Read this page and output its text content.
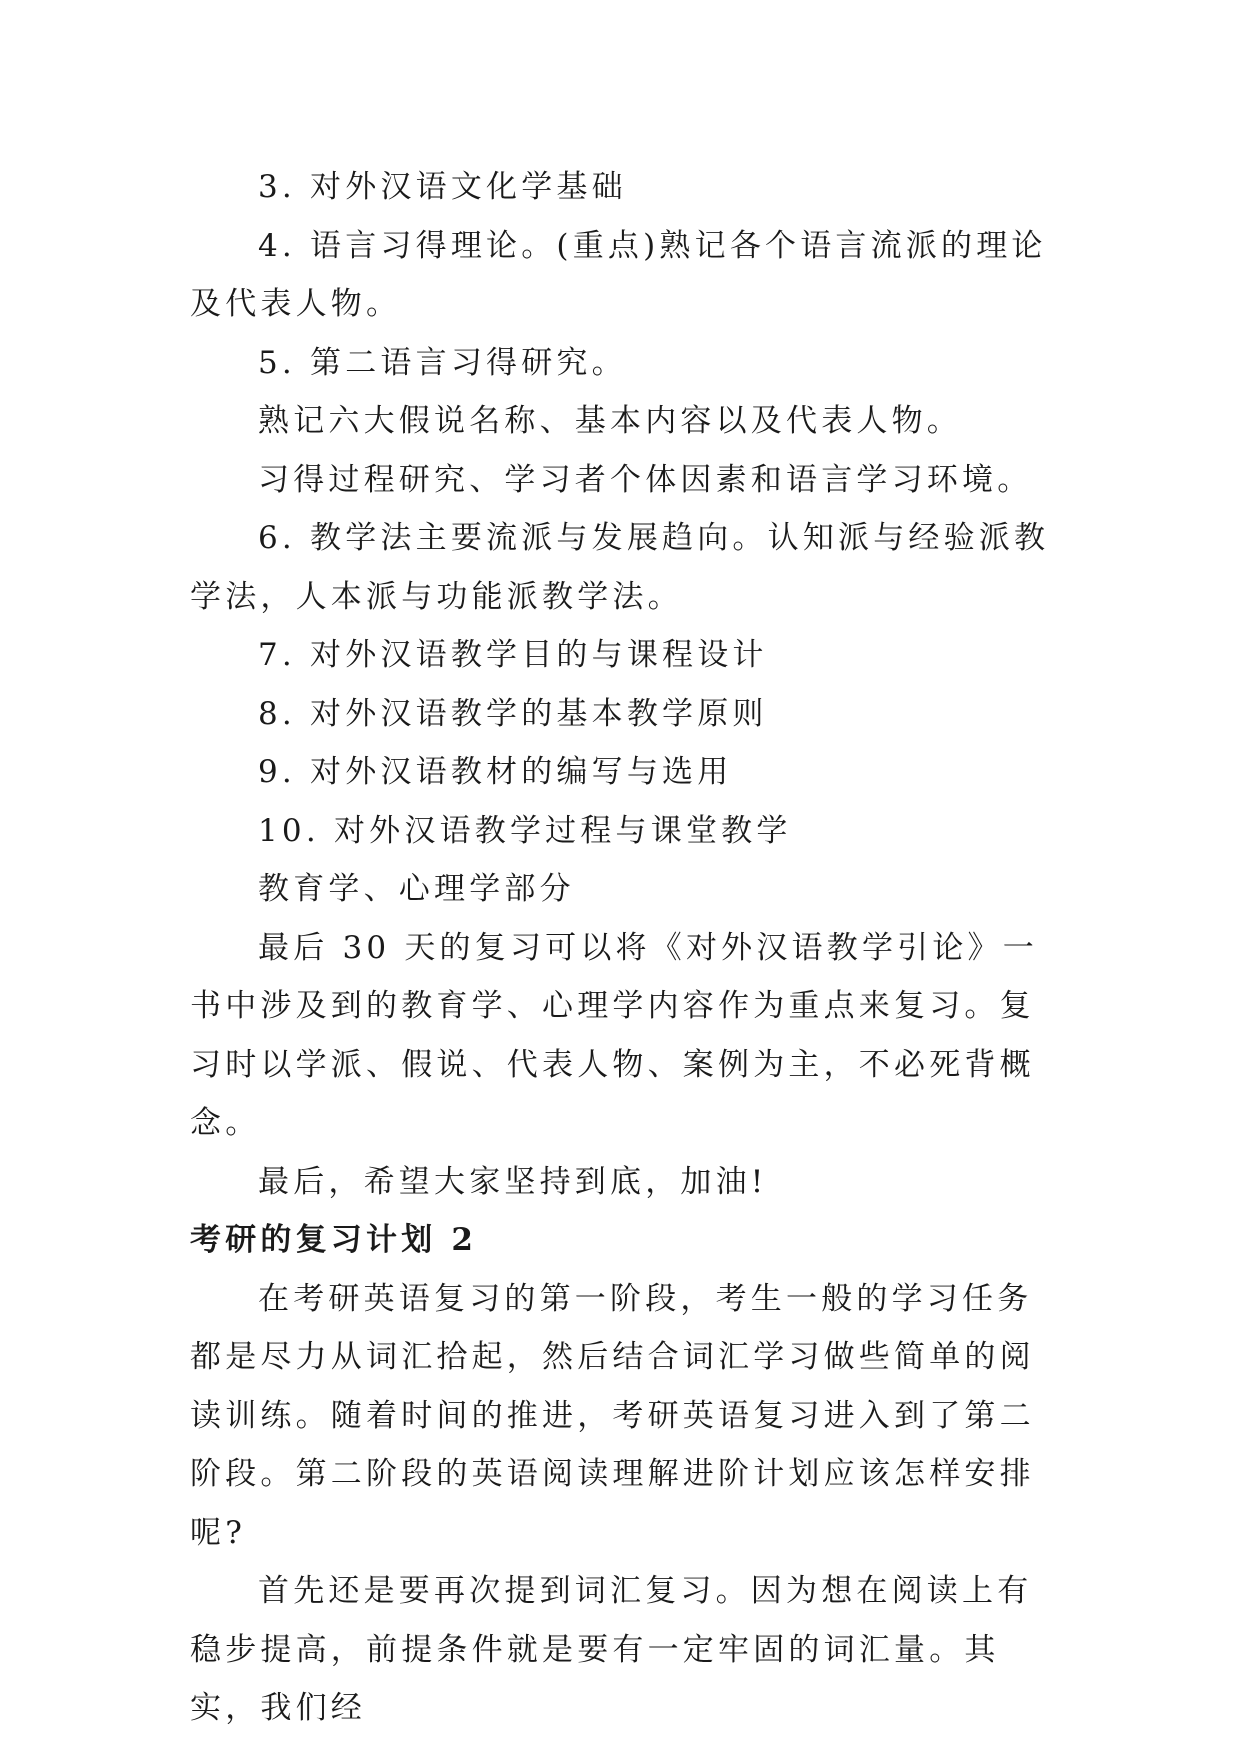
3. 对外汉语文化学基础

4. 语言习得理论。(重点)熟记各个语言流派的理论及代表人物。

5. 第二语言习得研究。

熟记六大假说名称、基本内容以及代表人物。

习得过程研究、学习者个体因素和语言学习环境。

6. 教学法主要流派与发展趋向。认知派与经验派教学法，人本派与功能派教学法。

7. 对外汉语教学目的与课程设计

8. 对外汉语教学的基本教学原则

9. 对外汉语教材的编写与选用

10. 对外汉语教学过程与课堂教学

教育学、心理学部分

最后 30 天的复习可以将《对外汉语教学引论》一书中涉及到的教育学、心理学内容作为重点来复习。复习时以学派、假说、代表人物、案例为主，不必死背概念。

最后，希望大家坚持到底，加油!

考研的复习计划 2

在考研英语复习的第一阶段，考生一般的学习任务都是尽力从词汇拾起，然后结合词汇学习做些简单的阅读训练。随着时间的推进，考研英语复习进入到了第二阶段。第二阶段的英语阅读理解进阶计划应该怎样安排呢?

首先还是要再次提到词汇复习。因为想在阅读上有稳步提高，前提条件就是要有一定牢固的词汇量。其实，我们经
